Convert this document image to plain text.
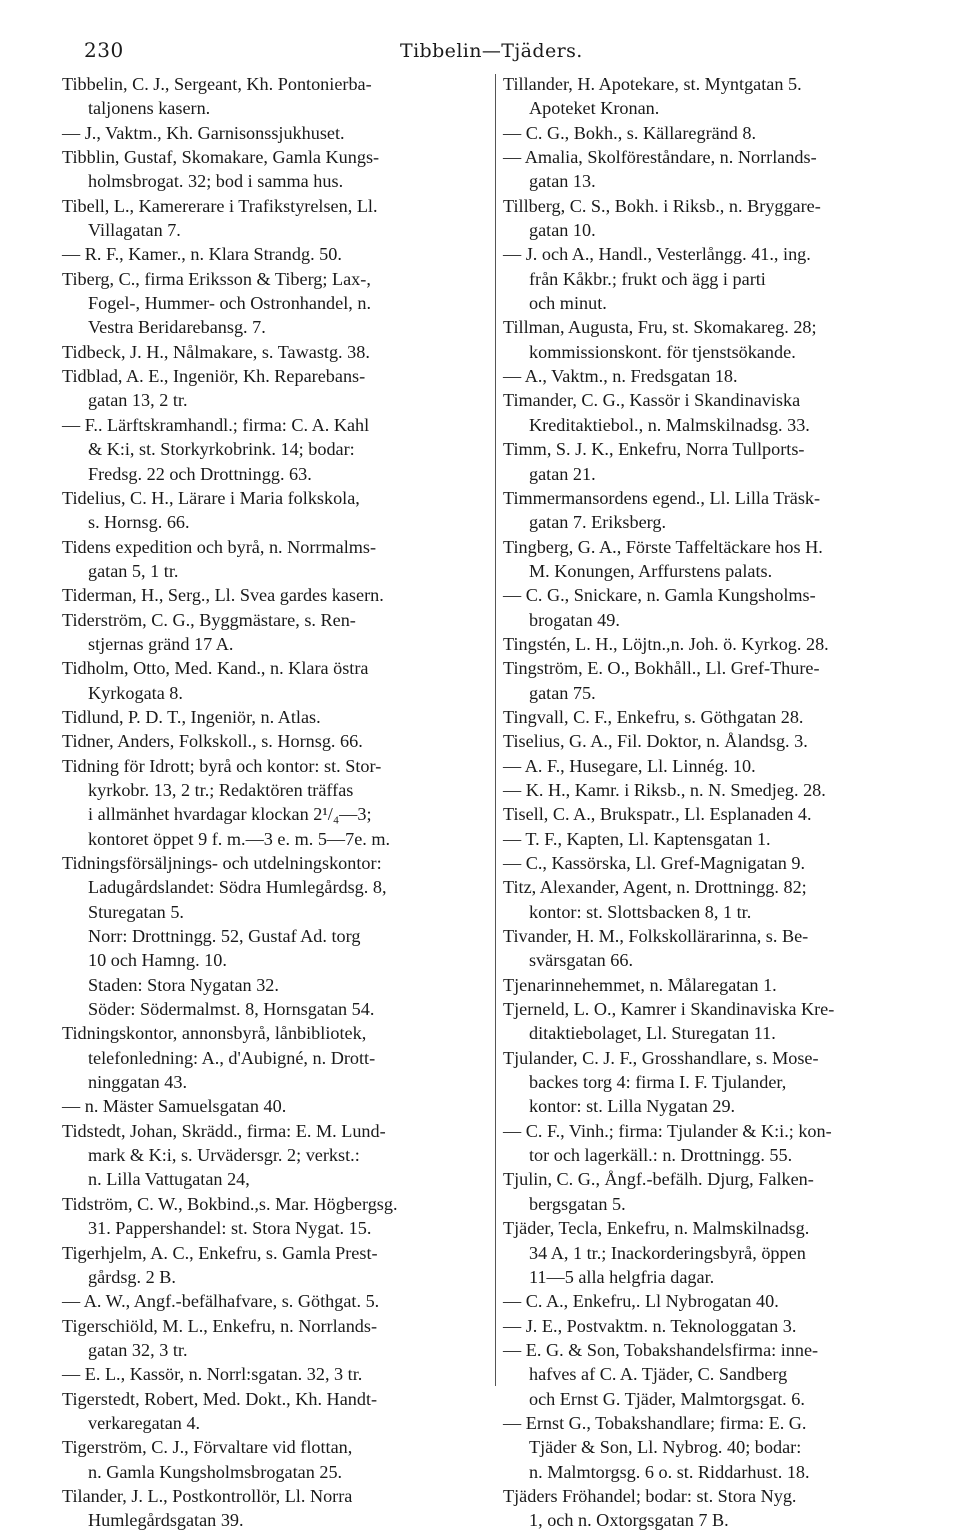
230	Tibbelin—Tjäders.
Tibbelin, C. J., Sergeant, Kh. Pontonierba-
taljonens kasern.
— J., Vaktm., Kh. Garnisonssjukhuset.
Tibblin, Gustaf, Skomakare, Gamla Kungs-
holmsbrogat. 32; bod i samma hus.
Tibell, L., Kamererare i Trafikstyrelsen, Ll.
Villagatan 7.
— R. F., Kamer., n. Klara Strandg. 50.
Tiberg, C., firma Eriksson & Tiberg; Lax-,
Fogel-, Hummer- och Ostronhandel, n.
Vestra Beridarebansg. 7.
Tidbeck, J. H., Nålmakare, s. Tawastg. 38.
Tidblad, A. E., Ingeniör, Kh. Reparebans-
gatan 13, 2 tr.
— F.. Lärftskramhandl.; firma: C. A. Kahl
& K:i, st. Storkyrkobrink. 14; bodar:
Fredsg. 22 och Drottningg. 63.
Tidelius, C. H., Lärare i Maria folkskola,
s. Hornsg. 66.
Tidens expedition och byrå, n. Norrmalms-
gatan 5, 1 tr.
Tiderman, H., Serg., Ll. Svea gardes kasern.
Tiderström, C. G., Byggmästare, s. Ren-
stjernas gränd 17 A.
Tidholm, Otto, Med. Kand., n. Klara östra
Kyrkogata 8.
Tidlund, P. D. T., Ingeniör, n. Atlas.
Tidner, Anders, Folkskoll., s. Hornsg. 66.
Tidning för Idrott; byrå och kontor: st. Stor-
kyrkobr. 13, 2 tr.; Redaktören träffas
i allmänhet hvardagar klockan 2¹/₄—3;
kontoret öppet 9 f. m.—3 e. m. 5—7e. m.
Tidningsförsäljnings- och utdelningskontor:
Ladugårdslandet: Södra Humlegårdsg. 8,
Sturegatan 5.
Norr: Drottningg. 52, Gustaf Ad. torg
10 och Hamng. 10.
Staden: Stora Nygatan 32.
Söder: Södermalmst. 8, Hornsgatan 54.
Tidningskontor, annonsbyrå, lånbibliotek,
telefonledning: A., d'Aubigné, n. Drott-
ninggatan 43.
— n. Mäster Samuelsgatan 40.
Tidstedt, Johan, Skrädd., firma: E. M. Lund-
mark & K:i, s. Urvädersgr. 2; verkst.:
n. Lilla Vattugatan 24,
Tidström, C. W., Bokbind.,s. Mar. Högbergsg.
31. Pappershandel: st. Stora Nygat. 15.
Tigerhjelm, A. C., Enkefru, s. Gamla Prest-
gårdsg. 2 B.
— A. W., Angf.-befälhafvare, s. Göthgat. 5.
Tigerschiöld, M. L., Enkefru, n. Norrlands-
gatan 32, 3 tr.
— E. L., Kassör, n. Norrl:sgatan. 32, 3 tr.
Tigerstedt, Robert, Med. Dokt., Kh. Handt-
verkaregatan 4.
Tigerström, C. J., Förvaltare vid flottan,
n. Gamla Kungsholmsbrogatan 25.
Tilander, J. L., Postkontrollör, Ll. Norra
Humlegårdsgatan 39.
Tillander, H. Apotekare, st. Myntgatan 5.
Apoteket Kronan.
— C. G., Bokh., s. Källaregränd 8.
— Amalia, Skolföreståndare, n. Norrlands-
gatan 13.
Tillberg, C. S., Bokh. i Riksb., n. Bryggare-
gatan 10.
— J. och A., Handl., Vesterlångg. 41., ing.
från Kåkbr.; frukt och ägg i parti
och minut.
Tillman, Augusta, Fru, st. Skomakareg. 28;
kommissionskont. för tjenstsökande.
— A., Vaktm., n. Fredsgatan 18.
Timander, C. G., Kassör i Skandinaviska
Kreditaktiebol., n. Malmskilnadsg. 33.
Timm, S. J. K., Enkefru, Norra Tullports-
gatan 21.
Timmermansordens egend., Ll. Lilla Träsk-
gatan 7. Eriksberg.
Tingberg, G. A., Förste Taffeltäckare hos H.
M. Konungen, Arffurstens palats.
— C. G., Snickare, n. Gamla Kungsholms-
brogatan 49.
Tingstén, L. H., Löjtn.,n. Joh. ö. Kyrkog. 28.
Tingström, E. O., Bokhåll., Ll. Gref-Thure-
gatan 75.
Tingvall, C. F., Enkefru, s. Göthgatan 28.
Tiselius, G. A., Fil. Doktor, n. Ålandsg. 3.
— A. F., Husegare, Ll. Linnég. 10.
— K. H., Kamr. i Riksb., n. N. Smedjeg. 28.
Tisell, C. A., Brukspatr., Ll. Esplanaden 4.
— T. F., Kapten, Ll. Kaptensgatan 1.
— C., Kassörska, Ll. Gref-Magnigatan 9.
Titz, Alexander, Agent, n. Drottningg. 82;
kontor: st. Slottsbacken 8, 1 tr.
Tivander, H. M., Folkskollärarinna, s. Be-
svärsgatan 66.
Tjenarinnehemmet, n. Målaregatan 1.
Tjerneld, L. O., Kamrer i Skandinaviska Kre-
ditaktiebolaget, Ll. Sturegatan 11.
Tjulander, C. J. F., Grosshandlare, s. Mose-
backes torg 4: firma I. F. Tjulander,
kontor: st. Lilla Nygatan 29.
— C. F., Vinh.; firma: Tjulander & K:i.; kon-
tor och lagerkäll.: n. Drottningg. 55.
Tjulin, C. G., Ångf.-befälh. Djurg, Falken-
bergsgatan 5.
Tjäder, Tecla, Enkefru, n. Malmskilnadsg.
34 A, 1 tr.; Inackorderingsbyrå, öppen
11—5 alla helgfria dagar.
— C. A., Enkefru,. Ll Nybrogatan 40.
— J. E., Postvaktm. n. Teknologgatan 3.
— E. G. & Son, Tobakshandelsfirma: inne-
hafves af C. A. Tjäder, C. Sandberg
och Ernst G. Tjäder, Malmtorgsgat. 6.
— Ernst G., Tobakshandlare; firma: E. G.
Tjäder & Son, Ll. Nybrog. 40; bodar:
n. Malmtorgsg. 6 o. st. Riddarhust. 18.
Tjäders Fröhandel; bodar: st. Stora Nyg.
1, och n. Oxtorgsgatan 7 B.
